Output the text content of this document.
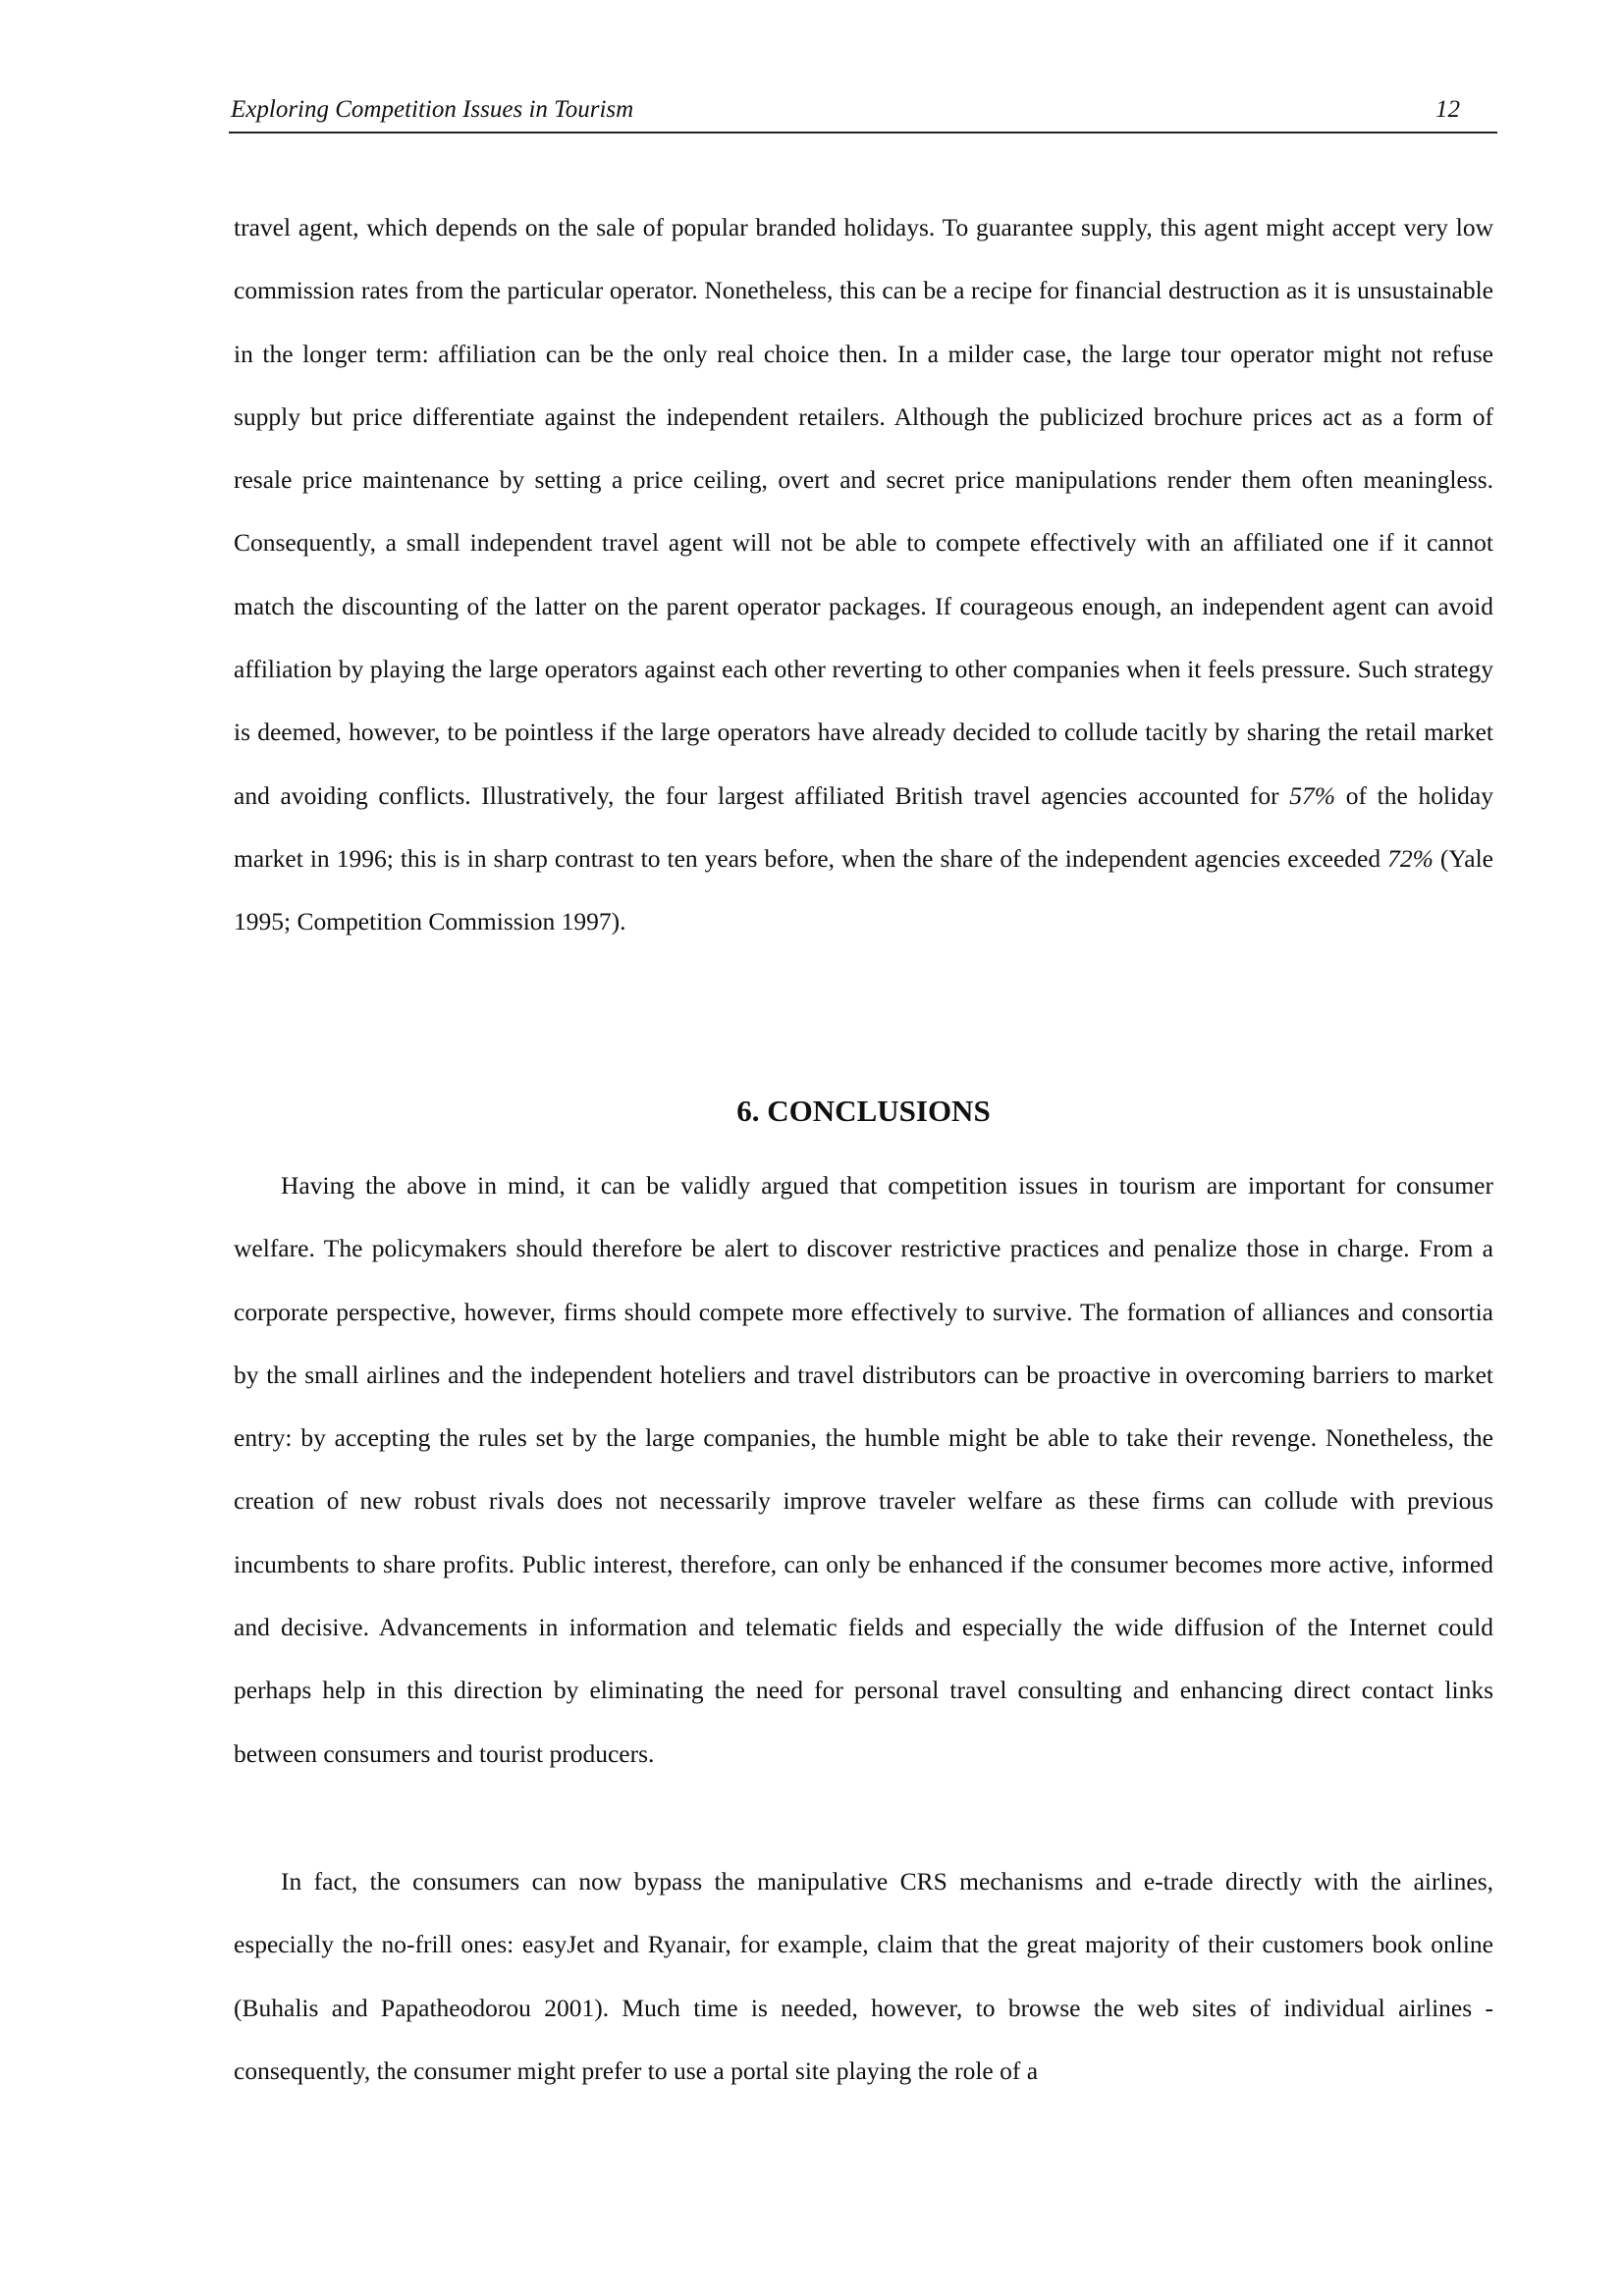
Exploring Competition Issues in Tourism	12

travel agent, which depends on the sale of popular branded holidays. To guarantee supply, this agent might accept very low commission rates from the particular operator. Nonetheless, this can be a recipe for financial destruction as it is unsustainable in the longer term: affiliation can be the only real choice then. In a milder case, the large tour operator might not refuse supply but price differentiate against the independent retailers. Although the publicized brochure prices act as a form of resale price maintenance by setting a price ceiling, overt and secret price manipulations render them often meaningless. Consequently, a small independent travel agent will not be able to compete effectively with an affiliated one if it cannot match the discounting of the latter on the parent operator packages. If courageous enough, an independent agent can avoid affiliation by playing the large operators against each other reverting to other companies when it feels pressure. Such strategy is deemed, however, to be pointless if the large operators have already decided to collude tacitly by sharing the retail market and avoiding conflicts. Illustratively, the four largest affiliated British travel agencies accounted for 57% of the holiday market in 1996; this is in sharp contrast to ten years before, when the share of the independent agencies exceeded 72% (Yale 1995; Competition Commission 1997).

6. CONCLUSIONS

Having the above in mind, it can be validly argued that competition issues in tourism are important for consumer welfare. The policymakers should therefore be alert to discover restrictive practices and penalize those in charge. From a corporate perspective, however, firms should compete more effectively to survive. The formation of alliances and consortia by the small airlines and the independent hoteliers and travel distributors can be proactive in overcoming barriers to market entry: by accepting the rules set by the large companies, the humble might be able to take their revenge. Nonetheless, the creation of new robust rivals does not necessarily improve traveler welfare as these firms can collude with previous incumbents to share profits. Public interest, therefore, can only be enhanced if the consumer becomes more active, informed and decisive. Advancements in information and telematic fields and especially the wide diffusion of the Internet could perhaps help in this direction by eliminating the need for personal travel consulting and enhancing direct contact links between consumers and tourist producers.

In fact, the consumers can now bypass the manipulative CRS mechanisms and e-trade directly with the airlines, especially the no-frill ones: easyJet and Ryanair, for example, claim that the great majority of their customers book online (Buhalis and Papatheodorou 2001). Much time is needed, however, to browse the web sites of individual airlines - consequently, the consumer might prefer to use a portal site playing the role of a
